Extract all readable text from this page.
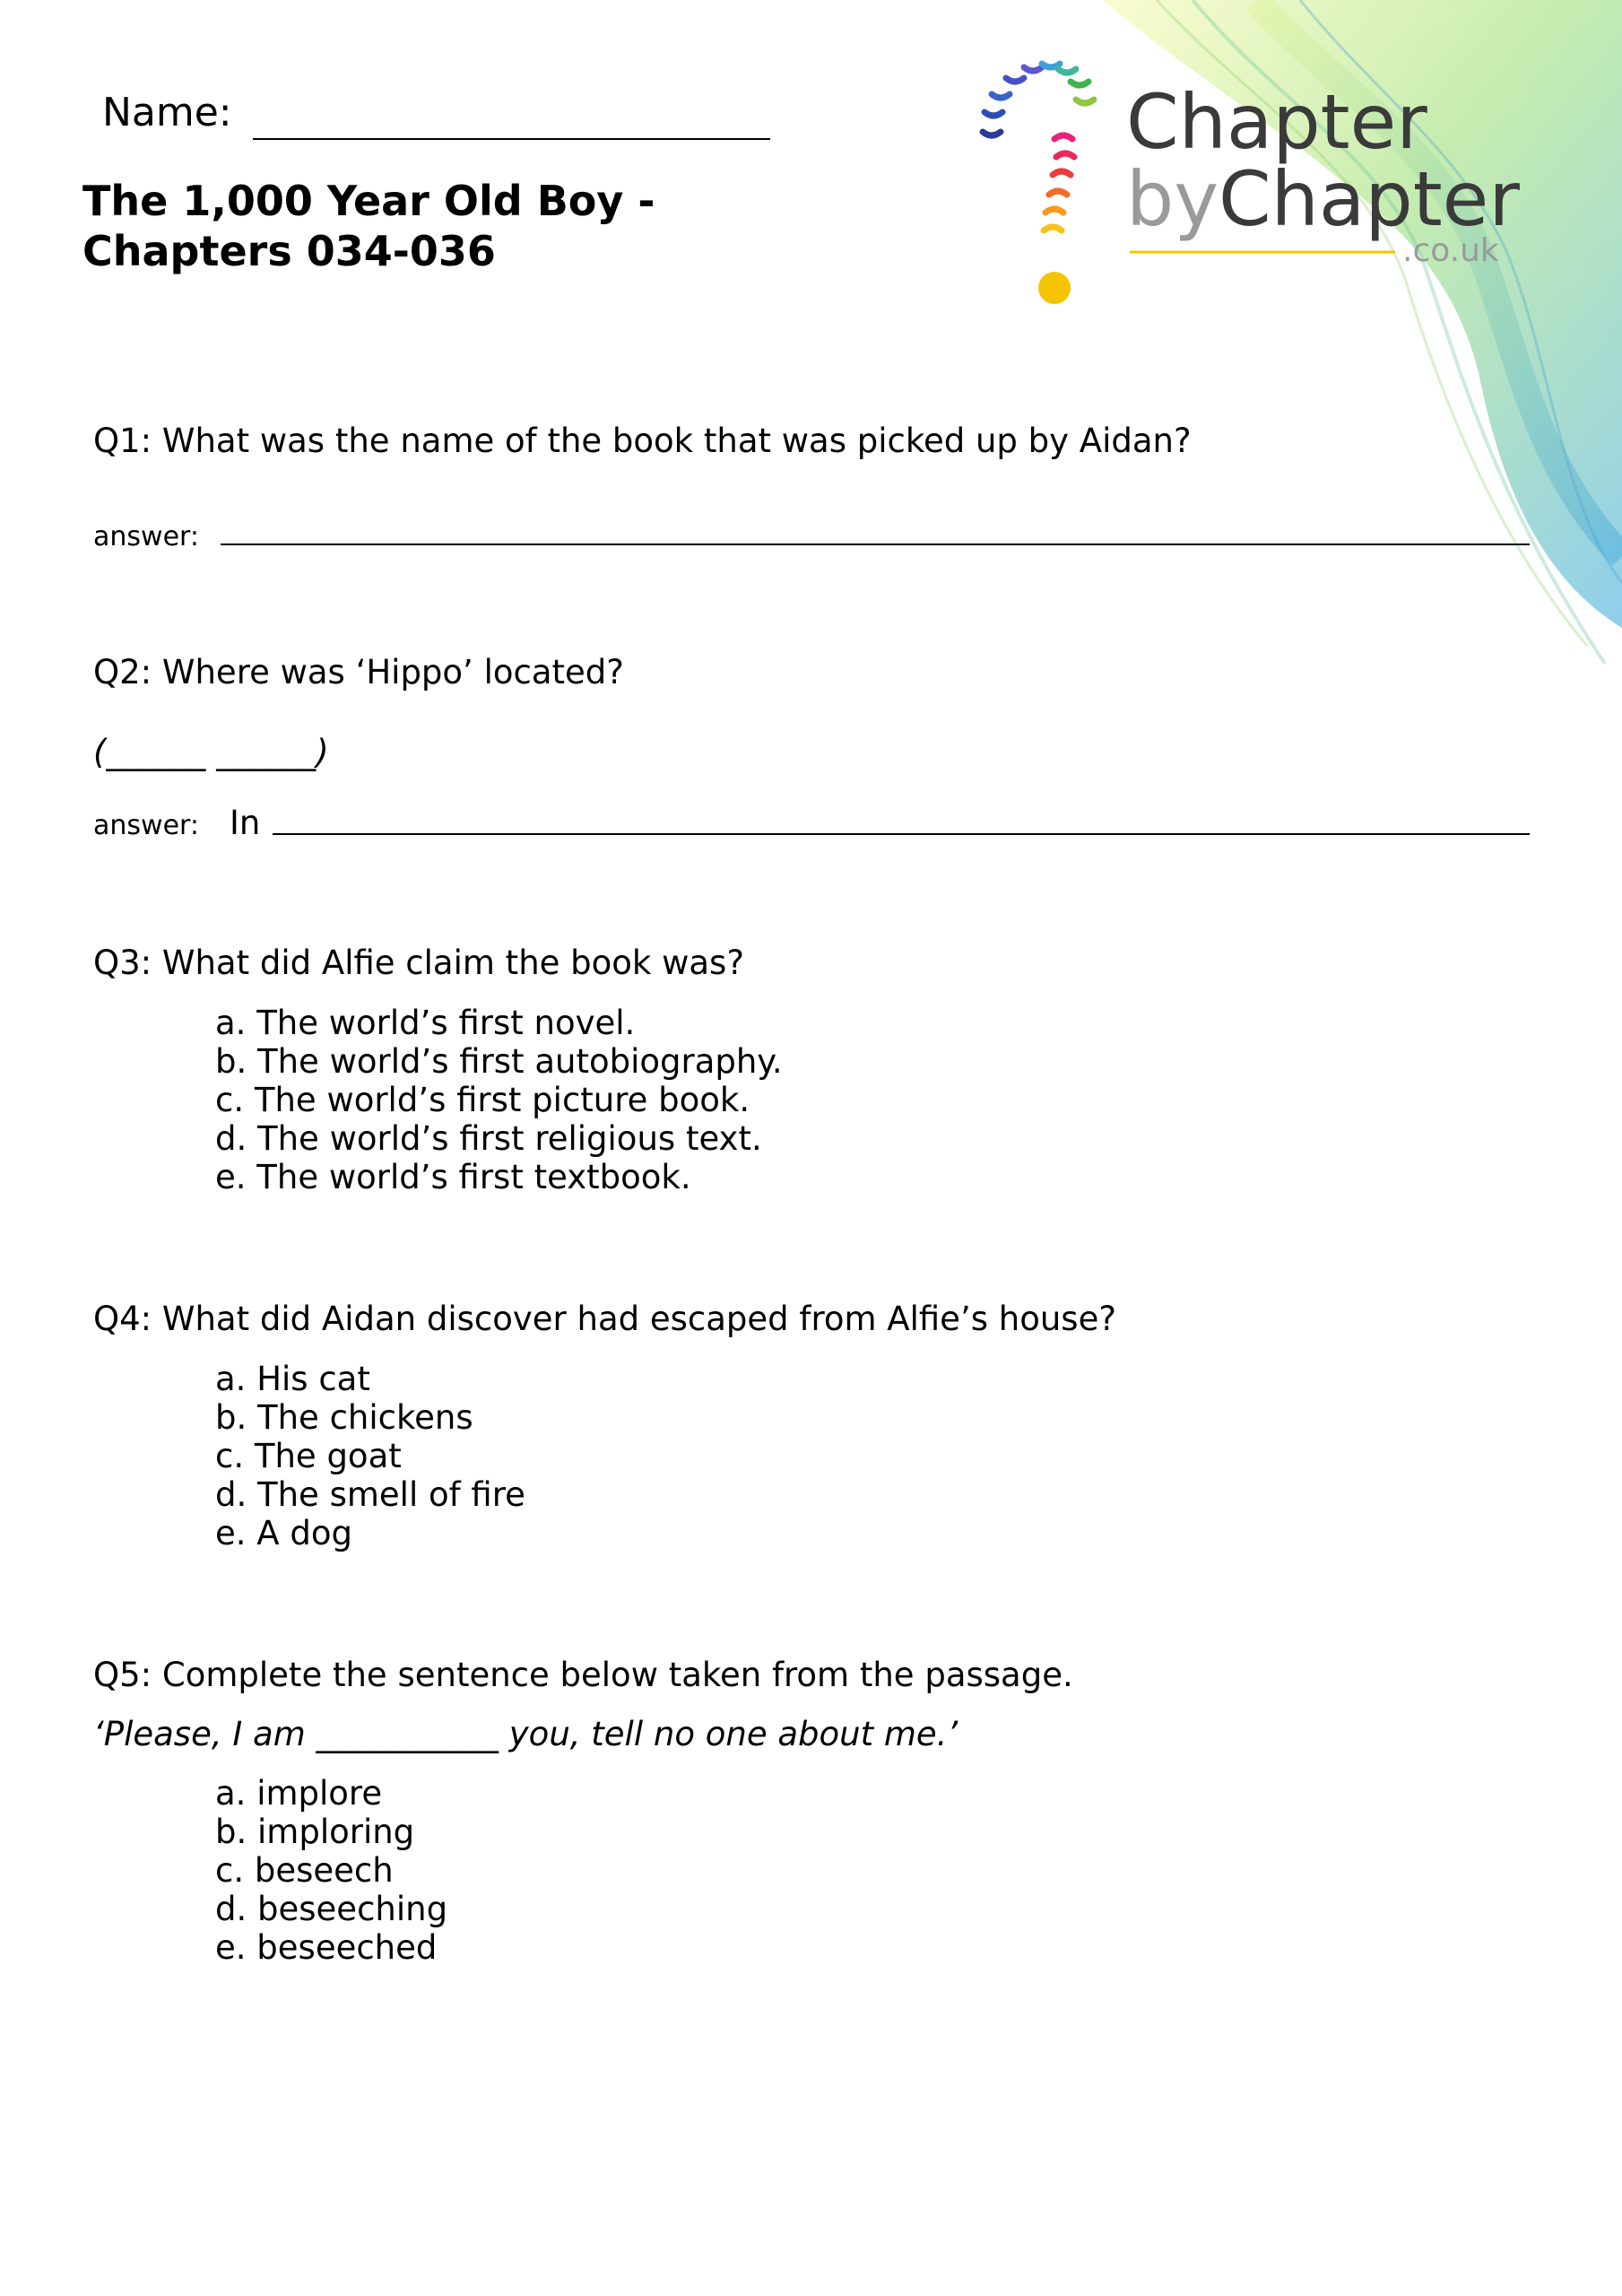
Name:
The 1,000 Year Old Boy -
Chapters 034-036
Chapter
byChapter
.co.uk
Q1: What was the name of the book that was picked up by Aidan?
answer:
Q2: Where was ‘Hippo’ located?
(______ ______)
answer: In
Q3: What did Alfie claim the book was?
a. The world’s first novel.
b. The world’s first autobiography.
c. The world’s first picture book.
d. The world’s first religious text.
e. The world’s first textbook.
Q4: What did Aidan discover had escaped from Alfie’s house?
a. His cat
b. The chickens
c. The goat
d. The smell of fire
e. A dog
Q5: Complete the sentence below taken from the passage.
‘Please, I am ___________ you, tell no one about me.’
a. implore
b. imploring
c. beseech
d. beseeching
e. beseeched
